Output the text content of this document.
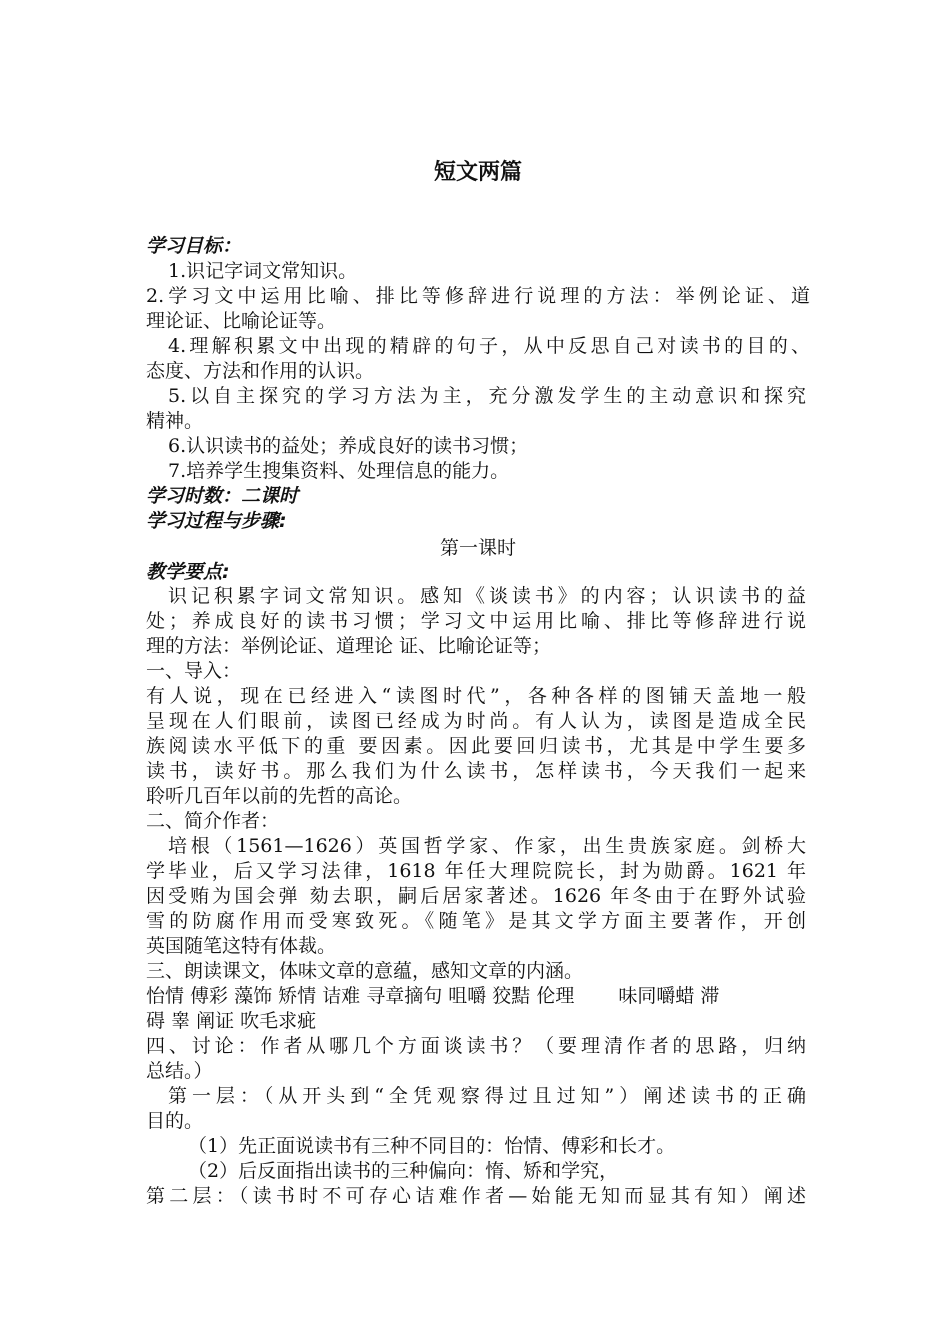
短文两篇
学习目标：
1.识记字词文常知识。
2.学习文中运用比喻、排比等修辞进行说理的方法：举例论证、道
理论证、比喻论证等。
4.理解积累文中出现的精辟的句子，从中反思自己对读书的目的、
态度、方法和作用的认识。
5.以自主探究的学习方法为主，充分激发学生的主动意识和探究
精神。
6.认识读书的益处；养成良好的读书习惯；
7.培养学生搜集资料、处理信息的能力。
学习时数：二课时
学习过程与步骤:
第一课时
教学要点:
识记积累字词文常知识。感知《谈读书》的内容；认识读书的益
处；养成良好的读书习惯；学习文中运用比喻、排比等修辞进行说
理的方法：举例论证、道理论 证、比喻论证等；
一、导入：
有人说，现在已经进入“读图时代”，各种各样的图铺天盖地一般
呈现在人们眼前，读图已经成为时尚。有人认为，读图是造成全民
族阅读水平低下的重 要因素。因此要回归读书，尤其是中学生要多
读书，读好书。那么我们为什么读书，怎样读书，今天我们一起来
聆听几百年以前的先哲的高论。
二、简介作者：
培根（1561—1626）英国哲学家、作家，出生贵族家庭。剑桥大
学毕业，后又学习法律，1618 年任大理院院长，封为勋爵。1621 年
因受贿为国会弹 劾去职，嗣后居家著述。1626 年冬由于在野外试验
雪的防腐作用而受寒致死。《随笔》是其文学方面主要著作，开创
英国随笔这特有体裁。
三、朗读课文，体味文章的意蕴，感知文章的内涵。
怡情 傅彩 藻饰 矫情 诘难 寻章摘句 咀嚼 狡黠 伦理　　 味同嚼蜡 滞
碍 睾 阐证 吹毛求疵
四、讨论：作者从哪几个方面谈读书？（要理清作者的思路，归纳
总结。）
第一层：（从开头到“全凭观察得过且过知”）阐述读书的正确
目的。
（1）先正面说读书有三种不同目的：怡情、傅彩和长才。
（2）后反面指出读书的三种偏向：惰、矫和学究，
第二层：（读书时不可存心诘难作者—始能无知而显其有知）阐述
